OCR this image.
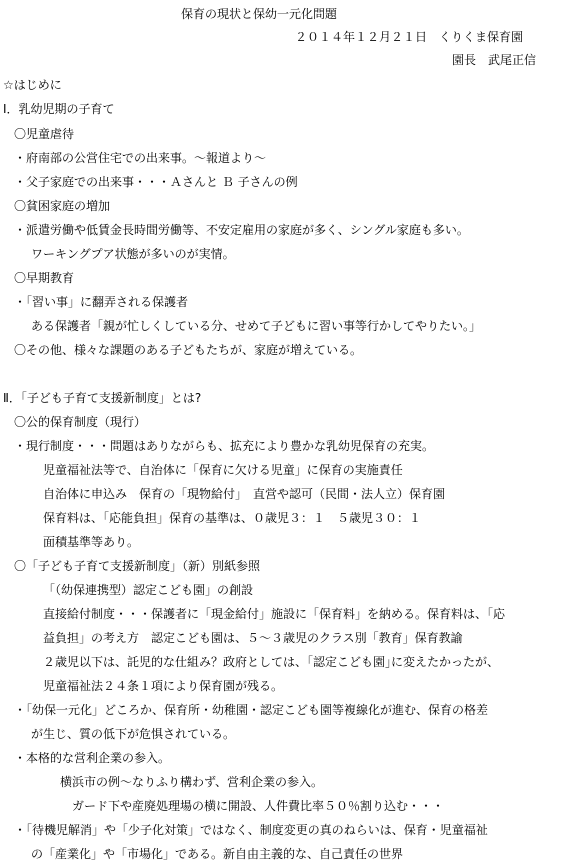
保育の現状と保幼一元化問題
２０１４年１２月２１日　くりくま保育園
園長　武尾正信
☆はじめに
Ⅰ．乳幼児期の子育て
〇児童虐待
・府南部の公営住宅での出来事。～報道より～
・父子家庭での出来事・・・Ａさんと Ｂ 子さんの例
〇貧困家庭の増加
・派遣労働や低賃金長時間労働等、不安定雇用の家庭が多く、シングル家庭も多い。
ワーキングプア状態が多いのが実情。
〇早期教育
・「習い事」に翻弄される保護者
ある保護者「親が忙しくしている分、せめて子どもに習い事等行かしてやりたい。」
〇その他、様々な課題のある子どもたちが、家庭が増えている。
Ⅱ．「子ども子育て支援新制度」とは?
〇公的保育制度（現行）
・現行制度・・・問題はありながらも、拡充により豊かな乳幼児保育の充実。
児童福祉法等で、自治体に「保育に欠ける児童」に保育の実施責任
自治体に申込み　保育の「現物給付」　直営や認可（民間・法人立）保育園
保育料は、「応能負担」保育の基準は、０歳児３：１　５歳児３０：１
面積基準等あり。
〇「子ども子育て支援新制度」（新）別紙参照
「（幼保連携型）認定こども園」の創設
直接給付制度・・・保護者に「現金給付」施設に「保育料」を納める。保育料は、「応
益負担」の考え方　認定こども園は、５～３歳児のクラス別「教育」保育教諭
２歳児以下は、託児的な仕組み？政府としては、｢認定こども園｣に変えたかったが、
児童福祉法２４条１項により保育園が残る。
・「幼保一元化」どころか、保育所・幼稚園・認定こども園等複線化が進む、保育の格差
が生じ、質の低下が危惧されている。
・本格的な営利企業の参入。
横浜市の例～なりふり構わず、営利企業の参入。
ガード下や産廃処理場の横に開設、人件費比率５０％割り込む・・・
・「待機児解消」や「少子化対策」ではなく、制度変更の真のねらいは、保育・児童福祉
の「産業化」や「市場化」である。新自由主義的な、自己責任の世界
